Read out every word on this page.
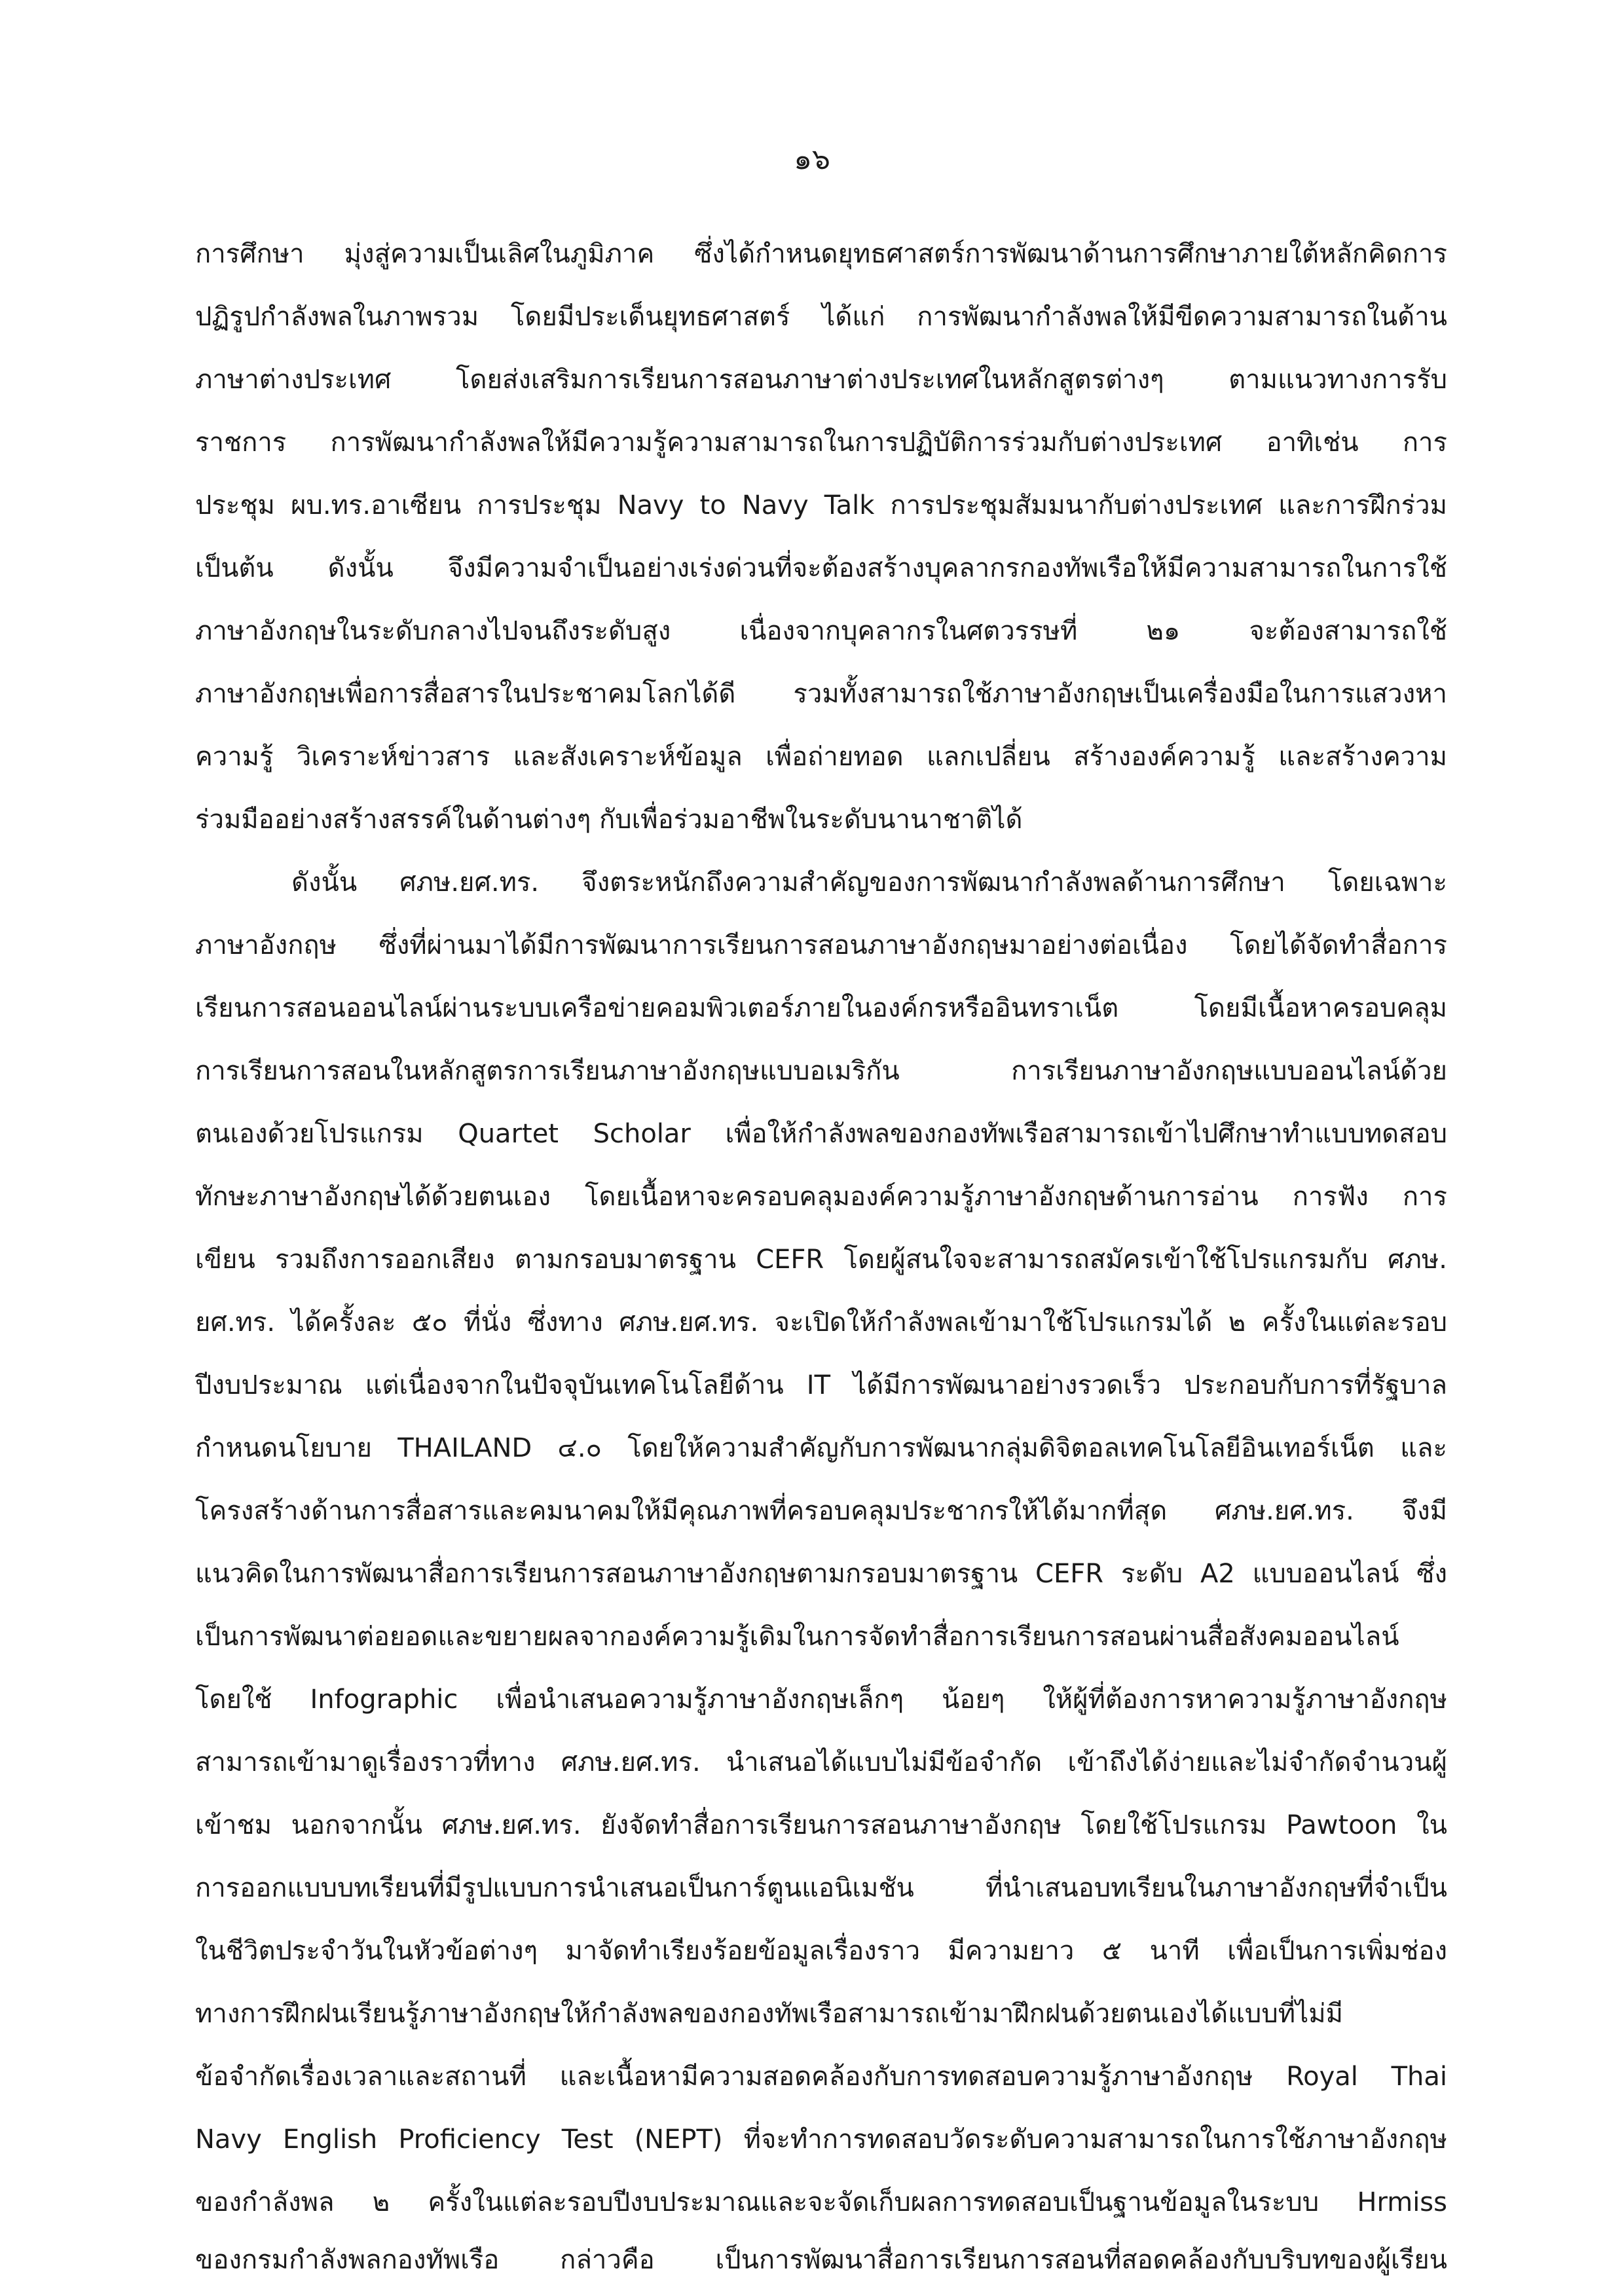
๑๖
การศึกษา มุ่งสู่ความเป็นเลิศในภูมิภาค ซึ่งได้กำหนดยุทธศาสตร์การพัฒนาด้านการศึกษาภายใต้หลักคิดการ
ปฏิรูปกำลังพลในภาพรวม โดยมีประเด็นยุทธศาสตร์ ได้แก่ การพัฒนากำลังพลให้มีขีดความสามารถในด้าน
ภาษาต่างประเทศ โดยส่งเสริมการเรียนการสอนภาษาต่างประเทศในหลักสูตรต่างๆ ตามแนวทางการรับ
ราชการ การพัฒนากำลังพลให้มีความรู้ความสามารถในการปฏิบัติการร่วมกับต่างประเทศ อาทิเช่น การ
ประชุม ผบ.ทร.อาเซียน การประชุม Navy to Navy Talk การประชุมสัมมนากับต่างประเทศ และการฝึกร่วม
เป็นต้น ดังนั้น จึงมีความจำเป็นอย่างเร่งด่วนที่จะต้องสร้างบุคลากรกองทัพเรือให้มีความสามารถในการใช้
ภาษาอังกฤษในระดับกลางไปจนถึงระดับสูง เนื่องจากบุคลากรในศตวรรษที่ ๒๑ จะต้องสามารถใช้
ภาษาอังกฤษเพื่อการสื่อสารในประชาคมโลกได้ดี รวมทั้งสามารถใช้ภาษาอังกฤษเป็นเครื่องมือในการแสวงหา
ความรู้ วิเคราะห์ข่าวสาร และสังเคราะห์ข้อมูล เพื่อถ่ายทอด แลกเปลี่ยน สร้างองค์ความรู้ และสร้างความ
ร่วมมืออย่างสร้างสรรค์ในด้านต่างๆ กับเพื่อร่วมอาชีพในระดับนานาชาติได้
ดังนั้น ศภษ.ยศ.ทร. จึงตระหนักถึงความสำคัญของการพัฒนากำลังพลด้านการศึกษา โดยเฉพาะ
ภาษาอังกฤษ ซึ่งที่ผ่านมาได้มีการพัฒนาการเรียนการสอนภาษาอังกฤษมาอย่างต่อเนื่อง โดยได้จัดทำสื่อการ
เรียนการสอนออนไลน์ผ่านระบบเครือข่ายคอมพิวเตอร์ภายในองค์กรหรืออินทราเน็ต โดยมีเนื้อหาครอบคลุม
การเรียนการสอนในหลักสูตรการเรียนภาษาอังกฤษแบบอเมริกัน การเรียนภาษาอังกฤษแบบออนไลน์ด้วย
ตนเองด้วยโปรแกรม Quartet Scholar เพื่อให้กำลังพลของกองทัพเรือสามารถเข้าไปศึกษาทำแบบทดสอบ
ทักษะภาษาอังกฤษได้ด้วยตนเอง โดยเนื้อหาจะครอบคลุมองค์ความรู้ภาษาอังกฤษด้านการอ่าน การฟัง การ
เขียน รวมถึงการออกเสียง ตามกรอบมาตรฐาน CEFR โดยผู้สนใจจะสามารถสมัครเข้าใช้โปรแกรมกับ ศภษ.
ยศ.ทร. ได้ครั้งละ ๕๐ ที่นั่ง ซึ่งทาง ศภษ.ยศ.ทร. จะเปิดให้กำลังพลเข้ามาใช้โปรแกรมได้ ๒ ครั้งในแต่ละรอบ
ปีงบประมาณ แต่เนื่องจากในปัจจุบันเทคโนโลยีด้าน IT ได้มีการพัฒนาอย่างรวดเร็ว ประกอบกับการที่รัฐบาล
กำหนดนโยบาย THAILAND ๔.๐ โดยให้ความสำคัญกับการพัฒนากลุ่มดิจิตอลเทคโนโลยีอินเทอร์เน็ต และ
โครงสร้างด้านการสื่อสารและคมนาคมให้มีคุณภาพที่ครอบคลุมประชากรให้ได้มากที่สุด ศภษ.ยศ.ทร. จึงมี
แนวคิดในการพัฒนาสื่อการเรียนการสอนภาษาอังกฤษตามกรอบมาตรฐาน CEFR ระดับ A2 แบบออนไลน์ ซึ่ง
เป็นการพัฒนาต่อยอดและขยายผลจากองค์ความรู้เดิมในการจัดทำสื่อการเรียนการสอนผ่านสื่อสังคมออนไลน์
โดยใช้ Infographic เพื่อนำเสนอความรู้ภาษาอังกฤษเล็กๆ น้อยๆ ให้ผู้ที่ต้องการหาความรู้ภาษาอังกฤษ
สามารถเข้ามาดูเรื่องราวที่ทาง ศภษ.ยศ.ทร. นำเสนอได้แบบไม่มีข้อจำกัด เข้าถึงได้ง่ายและไม่จำกัดจำนวนผู้
เข้าชม นอกจากนั้น ศภษ.ยศ.ทร. ยังจัดทำสื่อการเรียนการสอนภาษาอังกฤษ โดยใช้โปรแกรม Pawtoon ใน
การออกแบบบทเรียนที่มีรูปแบบการนำเสนอเป็นการ์ตูนแอนิเมชัน ที่นำเสนอบทเรียนในภาษาอังกฤษที่จำเป็น
ในชีวิตประจำวันในหัวข้อต่างๆ มาจัดทำเรียงร้อยข้อมูลเรื่องราว มีความยาว ๕ นาที เพื่อเป็นการเพิ่มช่อง
ทางการฝึกฝนเรียนรู้ภาษาอังกฤษให้กำลังพลของกองทัพเรือสามารถเข้ามาฝึกฝนด้วยตนเองได้แบบที่ไม่มี
ข้อจำกัดเรื่องเวลาและสถานที่ และเนื้อหามีความสอดคล้องกับการทดสอบความรู้ภาษาอังกฤษ Royal Thai
Navy English Proficiency Test (NEPT) ที่จะทำการทดสอบวัดระดับความสามารถในการใช้ภาษาอังกฤษ
ของกำลังพล ๒ ครั้งในแต่ละรอบปีงบประมาณและจะจัดเก็บผลการทดสอบเป็นฐานข้อมูลในระบบ Hrmiss
ของกรมกำลังพลกองทัพเรือ กล่าวคือ เป็นการพัฒนาสื่อการเรียนการสอนที่สอดคล้องกับบริบทของผู้เรียน
